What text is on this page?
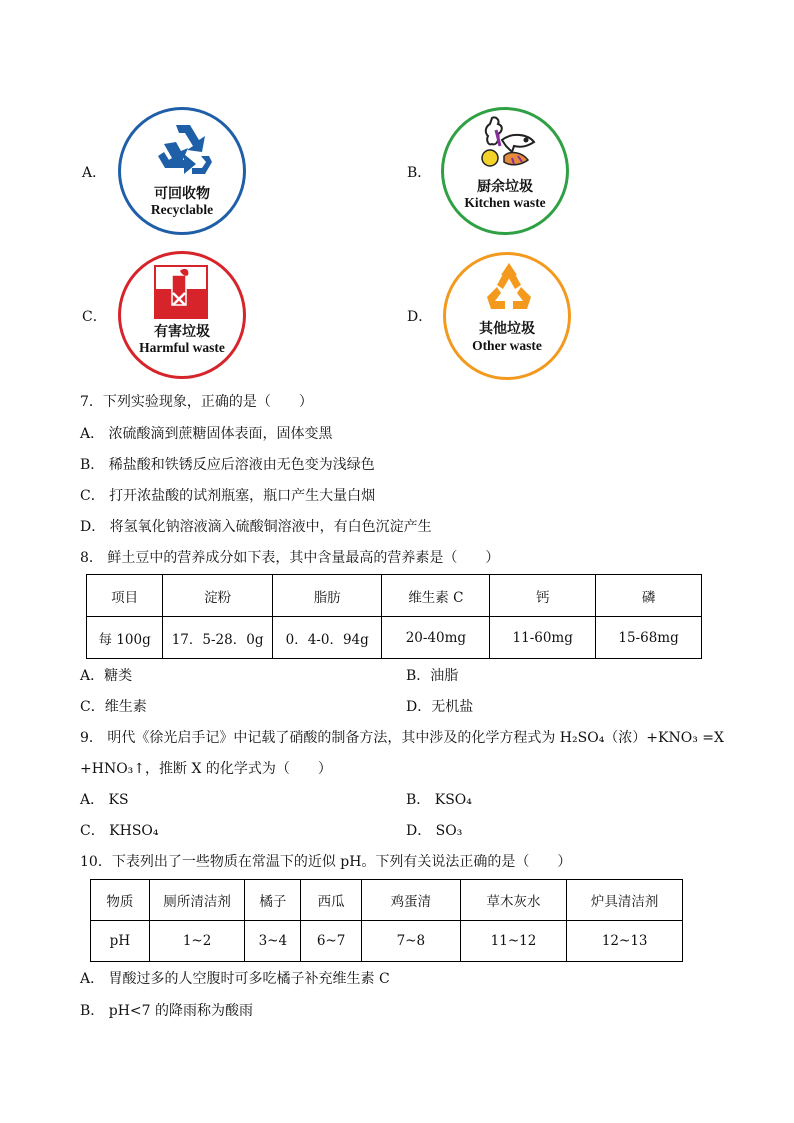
A．
可回收物
Recyclable
B．
厨余垃圾
Kitchen waste
C．
有害垃圾
Harmful waste
D．
其他垃圾
Other waste
7．下列实验现象，正确的是（　　）
A． 浓硫酸滴到蔗糖固体表面，固体变黑
B． 稀盐酸和铁锈反应后溶液由无色变为浅绿色
C． 打开浓盐酸的试剂瓶塞，瓶口产生大量白烟
D． 将氢氧化钠溶液滴入硫酸铜溶液中，有白色沉淀产生
8． 鲜土豆中的营养成分如下表，其中含量最高的营养素是（　　）
项目	淀粉	脂肪	维生素 C	钙	磷
每 100g	17．5-28．0g	0．4-0．94g	20-40mg	11-60mg	15-68mg
A．糖类	B．油脂
C．维生素	D．无机盐
9． 明代《徐光启手记》中记载了硝酸的制备方法，其中涉及的化学方程式为 H₂SO₄（浓）+KNO₃ =X
+HNO₃↑，推断 X 的化学式为（　　）
A． KS	B． KSO₄
C． KHSO₄	D． SO₃
10．下表列出了一些物质在常温下的近似 pH。下列有关说法正确的是（　　）
物质	厕所清洁剂	橘子	西瓜	鸡蛋清	草木灰水	炉具清洁剂
pH	1~2	3~4	6~7	7~8	11~12	12~13
A． 胃酸过多的人空腹时可多吃橘子补充维生素 C
B． pH<7 的降雨称为酸雨
